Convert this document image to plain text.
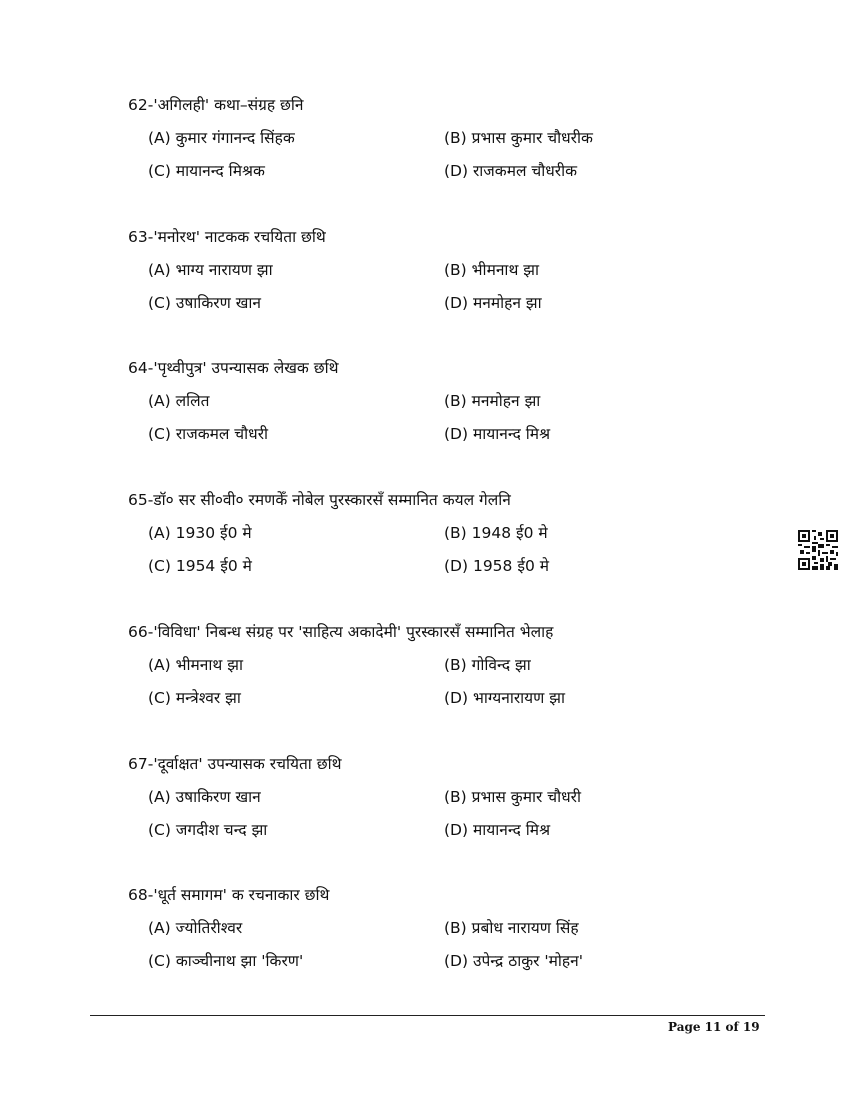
62-'अगिलही' कथा–संग्रह छनि
(A) कुमार गंगानन्द सिंहक	(B) प्रभास कुमार चौधरीक
(C) मायानन्द मिश्रक	(D) राजकमल चौधरीक
63-'मनोरथ' नाटकक रचयिता छथि
(A) भाग्य नारायण झा	(B) भीमनाथ झा
(C) उषाकिरण खान	(D) मनमोहन झा
64-'पृथ्वीपुत्र' उपन्यासक लेखक छथि
(A) ललित	(B) मनमोहन झा
(C) राजकमल चौधरी	(D) मायानन्द मिश्र
65-डॉ० सर सी०वी० रमणकेँ नोबेल पुरस्कारसँ सम्मानित कयल गेलनि
(A) 1930 ई0 मे	(B) 1948 ई0 मे
(C) 1954 ई0 मे	(D) 1958 ई0 मे
66-'विविधा' निबन्ध संग्रह पर 'साहित्य अकादेमी' पुरस्कारसँ सम्मानित भेलाह
(A) भीमनाथ झा	(B) गोविन्द झा
(C) मन्त्रेश्वर झा	(D) भाग्यनारायण झा
67-'दूर्वाक्षत' उपन्यासक रचयिता छथि
(A) उषाकिरण खान	(B) प्रभास कुमार चौधरी
(C) जगदीश चन्द झा	(D) मायानन्द मिश्र
68-'धूर्त समागम' क रचनाकार छथि
(A) ज्योतिरीश्वर	(B) प्रबोध नारायण सिंह
(C) काञ्चीनाथ झा 'किरण'	(D) उपेन्द्र ठाकुर 'मोहन'
Page 11 of 19
